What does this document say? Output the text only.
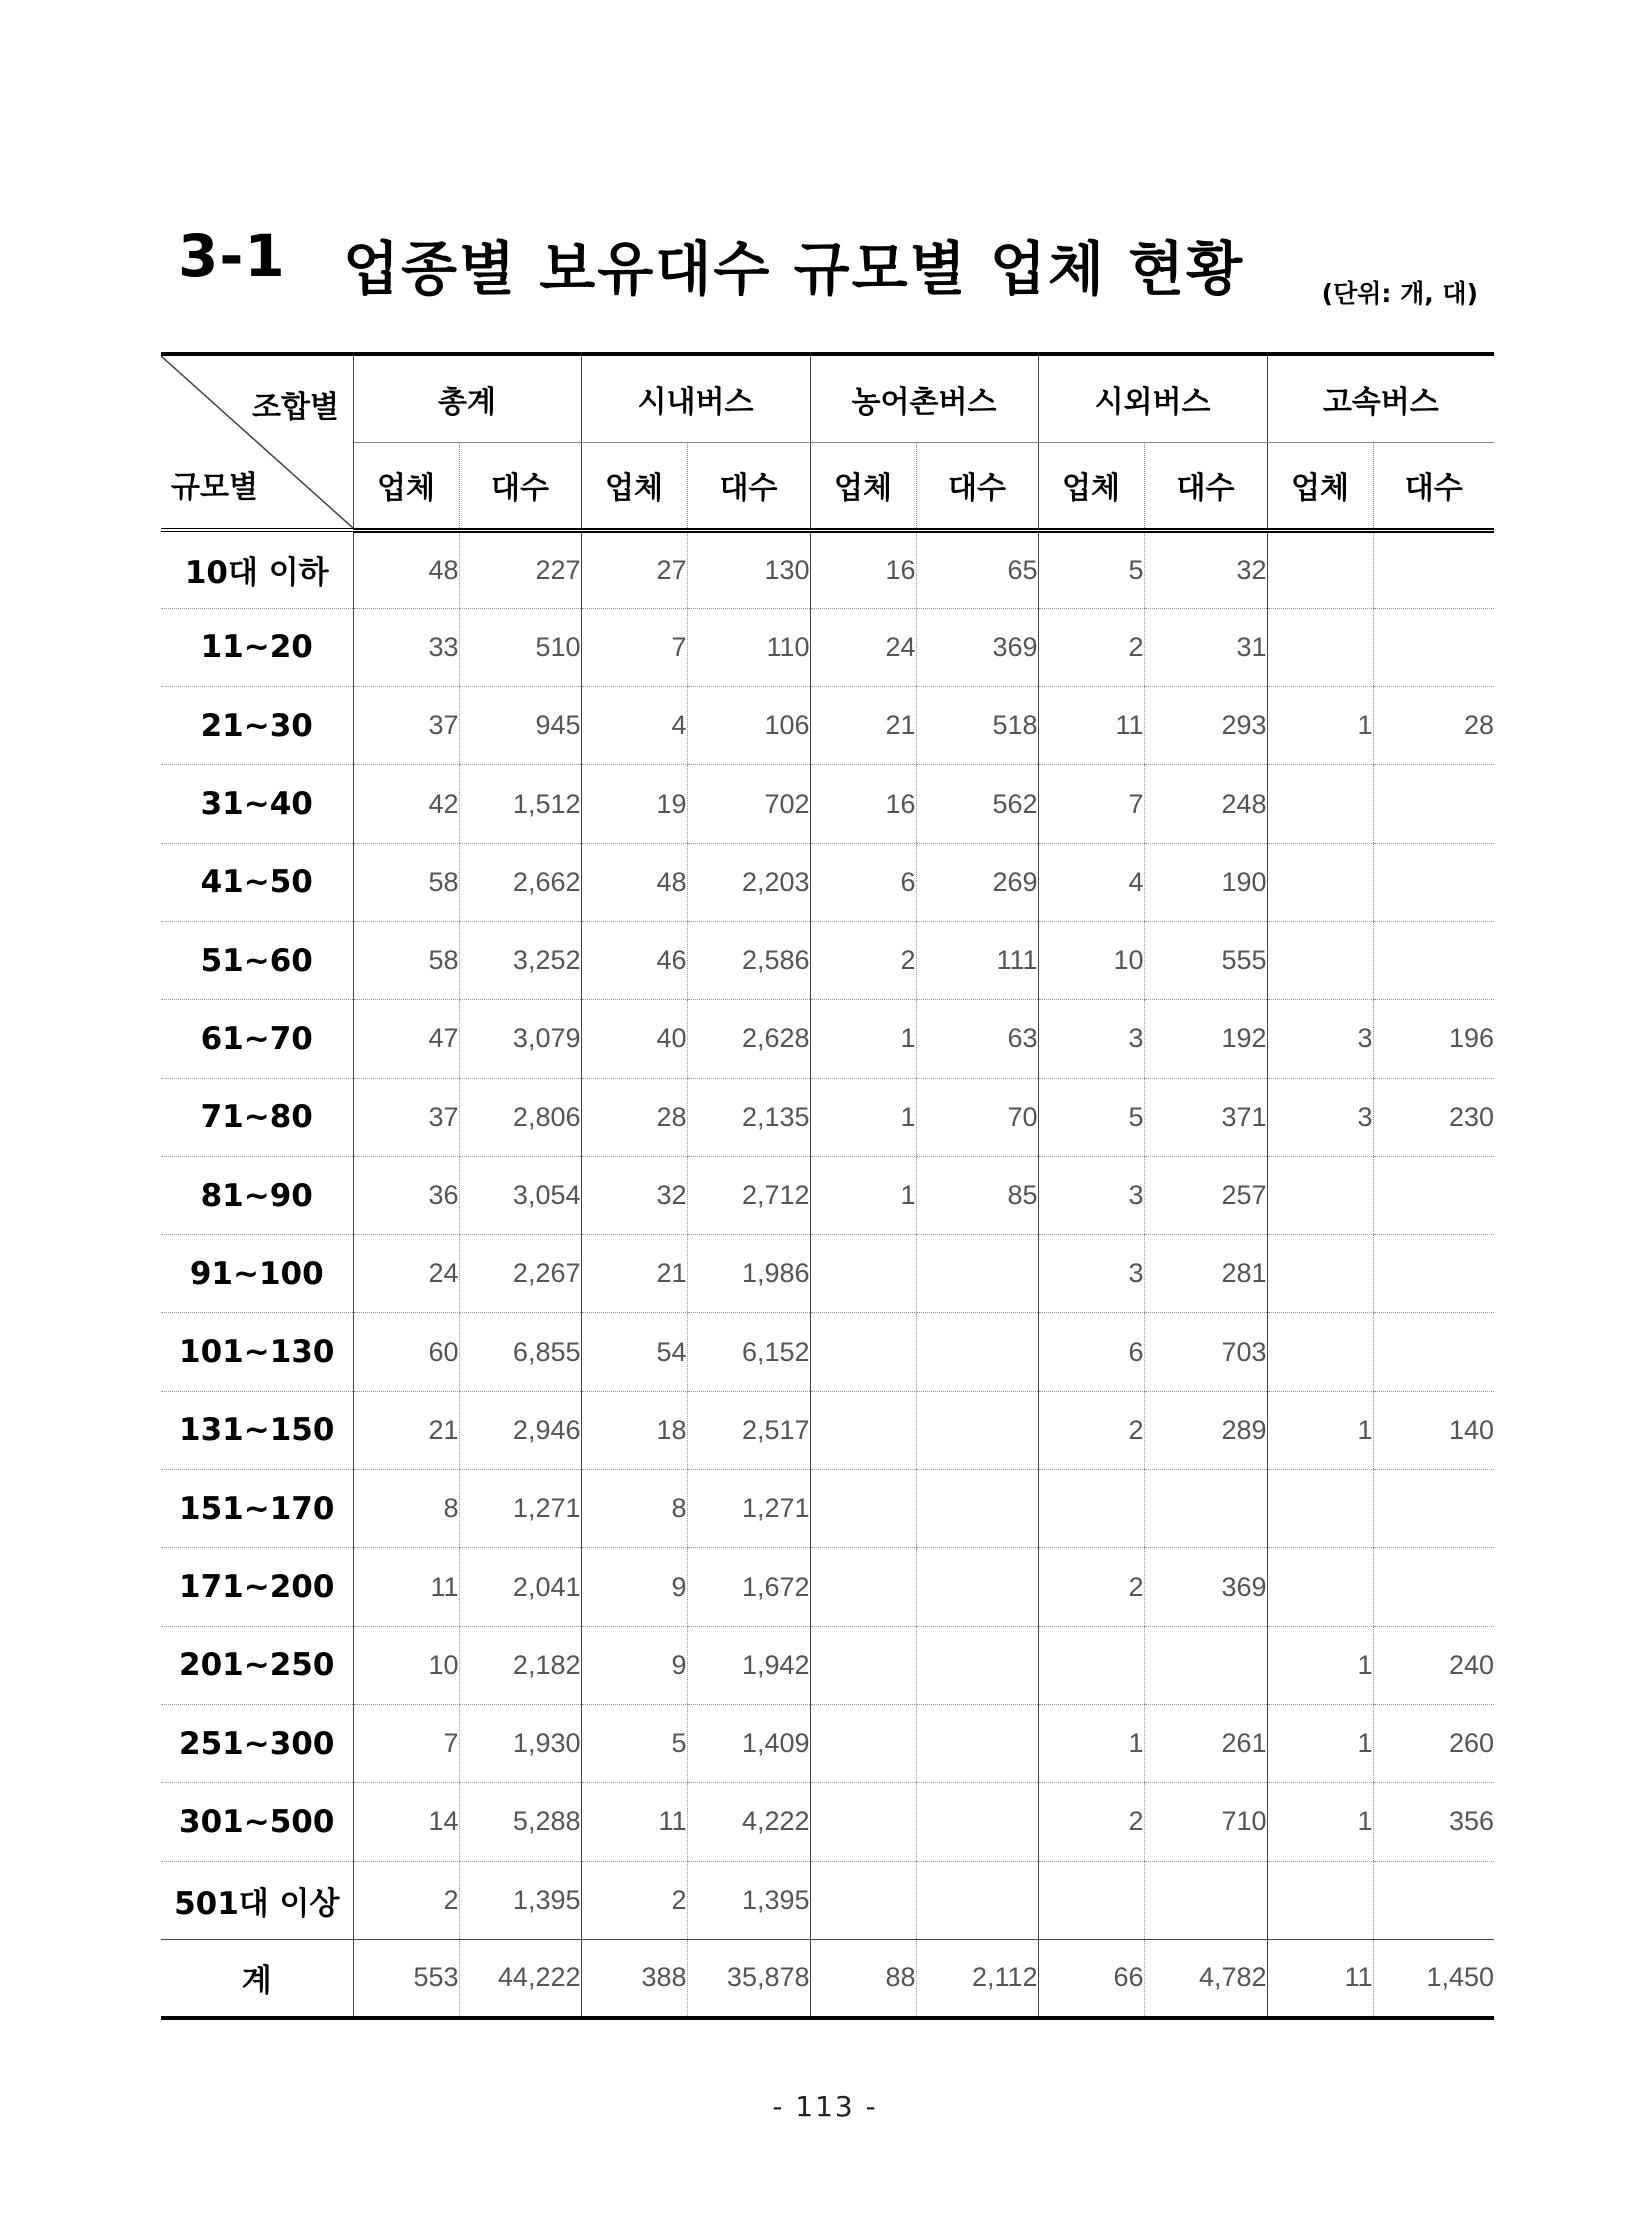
3-1 업종별 보유대수 규모별 업체 현황	(단위: 개, 대)
조합별
규모별	총계		시내버스		농어촌버스		시외버스		고속버스	
	업체	대수	업체	대수	업체	대수	업체	대수	업체	대수
10대 이하	48	227	27	130	16	65	5	32		
11~20	33	510	7	110	24	369	2	31		
21~30	37	945	4	106	21	518	11	293	1	28
31~40	42	1,512	19	702	16	562	7	248		
41~50	58	2,662	48	2,203	6	269	4	190		
51~60	58	3,252	46	2,586	2	111	10	555		
61~70	47	3,079	40	2,628	1	63	3	192	3	196
71~80	37	2,806	28	2,135	1	70	5	371	3	230
81~90	36	3,054	32	2,712	1	85	3	257		
91~100	24	2,267	21	1,986			3	281		
101~130	60	6,855	54	6,152			6	703		
131~150	21	2,946	18	2,517			2	289	1	140
151~170	8	1,271	8	1,271						
171~200	11	2,041	9	1,672			2	369		
201~250	10	2,182	9	1,942					1	240
251~300	7	1,930	5	1,409			1	261	1	260
301~500	14	5,288	11	4,222			2	710	1	356
501대 이상	2	1,395	2	1,395						
계	553	44,222	388	35,878	88	2,112	66	4,782	11	1,450
- 113 -
